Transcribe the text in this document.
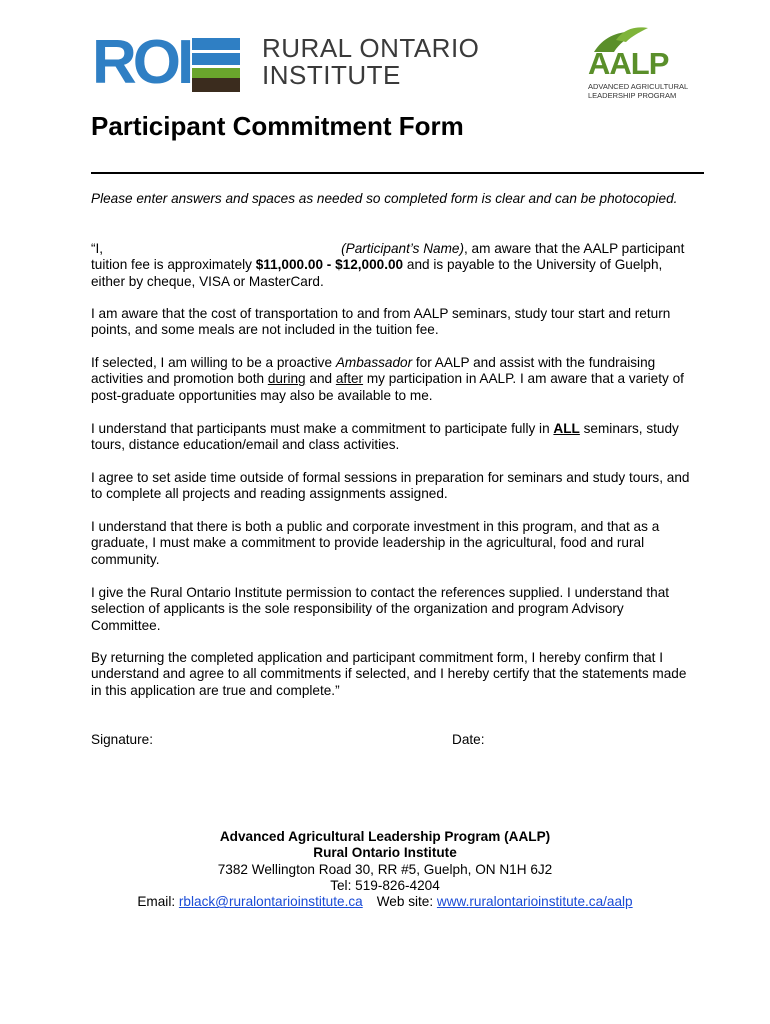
ROI	RURAL ONTARIO
INSTITUTE	AALP
ADVANCED AGRICULTURAL
LEADERSHIP PROGRAM
Participant Commitment Form
Please enter answers and spaces as needed so completed form is clear and can be photocopied.
“I,	(Participant’s Name), am aware that the AALP participant tuition fee is approximately $11,000.00 - $12,000.00 and is payable to the University of Guelph, either by cheque, VISA or MasterCard.
I am aware that the cost of transportation to and from AALP seminars, study tour start and return points, and some meals are not included in the tuition fee.
If selected, I am willing to be a proactive Ambassador for AALP and assist with the fundraising activities and promotion both during and after my participation in AALP. I am aware that a variety of post-graduate opportunities may also be available to me.
I understand that participants must make a commitment to participate fully in ALL seminars, study tours, distance education/email and class activities.
I agree to set aside time outside of formal sessions in preparation for seminars and study tours, and to complete all projects and reading assignments assigned.
I understand that there is both a public and corporate investment in this program, and that as a graduate, I must make a commitment to provide leadership in the agricultural, food and rural community.
I give the Rural Ontario Institute permission to contact the references supplied. I understand that selection of applicants is the sole responsibility of the organization and program Advisory Committee.
By returning the completed application and participant commitment form, I hereby confirm that I understand and agree to all commitments if selected, and I hereby certify that the statements made in this application are true and complete.”
Signature:	Date:
Advanced Agricultural Leadership Program (AALP)
Rural Ontario Institute
7382 Wellington Road 30, RR #5, Guelph, ON N1H 6J2
Tel: 519-826-4204
Email: rblack@ruralontarioinstitute.ca Web site: www.ruralontarioinstitute.ca/aalp
